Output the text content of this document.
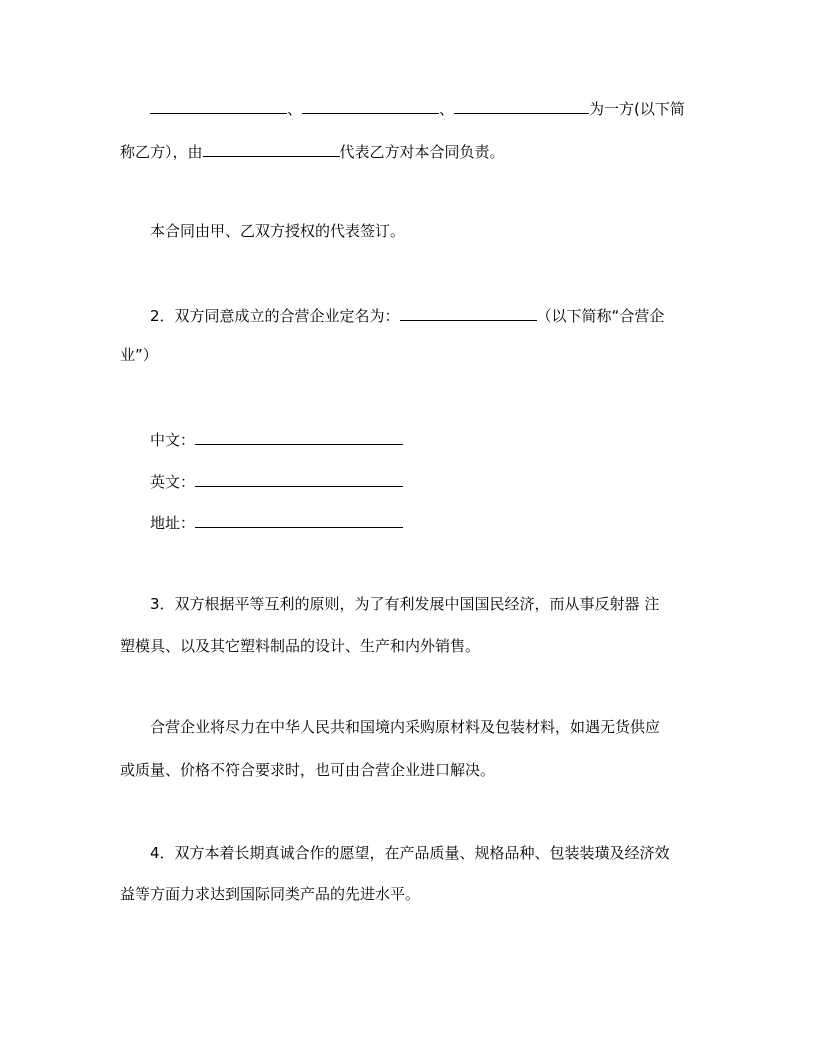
、	、	为一方(以下简
称乙方），由	代表乙方对本合同负责。
本合同由甲、乙双方授权的代表签订。
2．双方同意成立的合营企业定名为：	（以下简称“合营企
业”）
中文：
英文：
地址：
3．双方根据平等互利的原则，为了有利发展中国国民经济，而从事反射器 注
塑模具、以及其它塑料制品的设计、生产和内外销售。
合营企业将尽力在中华人民共和国境内采购原材料及包装材料，如遇无货供应
或质量、价格不符合要求时，也可由合营企业进口解决。
4．双方本着长期真诚合作的愿望，在产品质量、规格品种、包装装璜及经济效
益等方面力求达到国际同类产品的先进水平。
